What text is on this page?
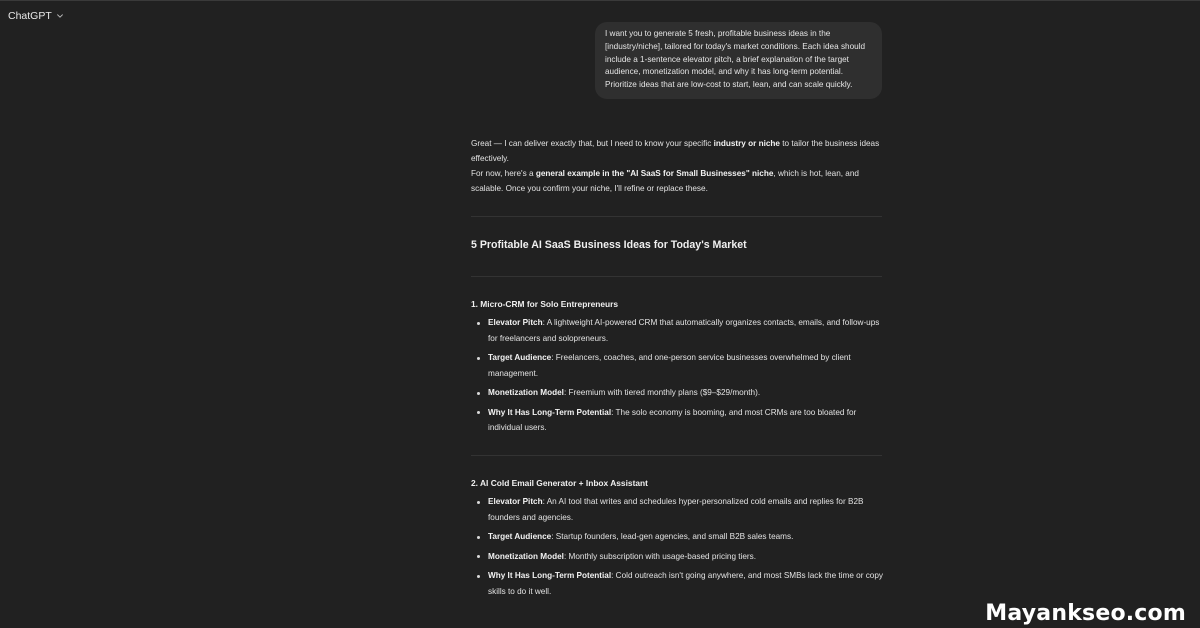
ChatGPT
I want you to generate 5 fresh, profitable business ideas in the [industry/niche], tailored for today's market conditions. Each idea should include a 1-sentence elevator pitch, a brief explanation of the target audience, monetization model, and why it has long-term potential. Prioritize ideas that are low-cost to start, lean, and can scale quickly.

Great — I can deliver exactly that, but I need to know your specific industry or niche to tailor the business ideas effectively.

For now, here's a general example in the "AI SaaS for Small Businesses" niche, which is hot, lean, and scalable. Once you confirm your niche, I'll refine or replace these.

5 Profitable AI SaaS Business Ideas for Today's Market
1. Micro-CRM for Solo Entrepreneurs
Elevator Pitch: A lightweight AI-powered CRM that automatically organizes contacts, emails, and follow-ups for freelancers and solopreneurs.
Target Audience: Freelancers, coaches, and one-person service businesses overwhelmed by client management.
Monetization Model: Freemium with tiered monthly plans ($9–$29/month).
Why It Has Long-Term Potential: The solo economy is booming, and most CRMs are too bloated for individual users.
2. AI Cold Email Generator + Inbox Assistant
Elevator Pitch: An AI tool that writes and schedules hyper-personalized cold emails and replies for B2B founders and agencies.
Target Audience: Startup founders, lead-gen agencies, and small B2B sales teams.
Monetization Model: Monthly subscription with usage-based pricing tiers.
Why It Has Long-Term Potential: Cold outreach isn't going anywhere, and most SMBs lack the time or copy skills to do it well.
Mayankseo.com
